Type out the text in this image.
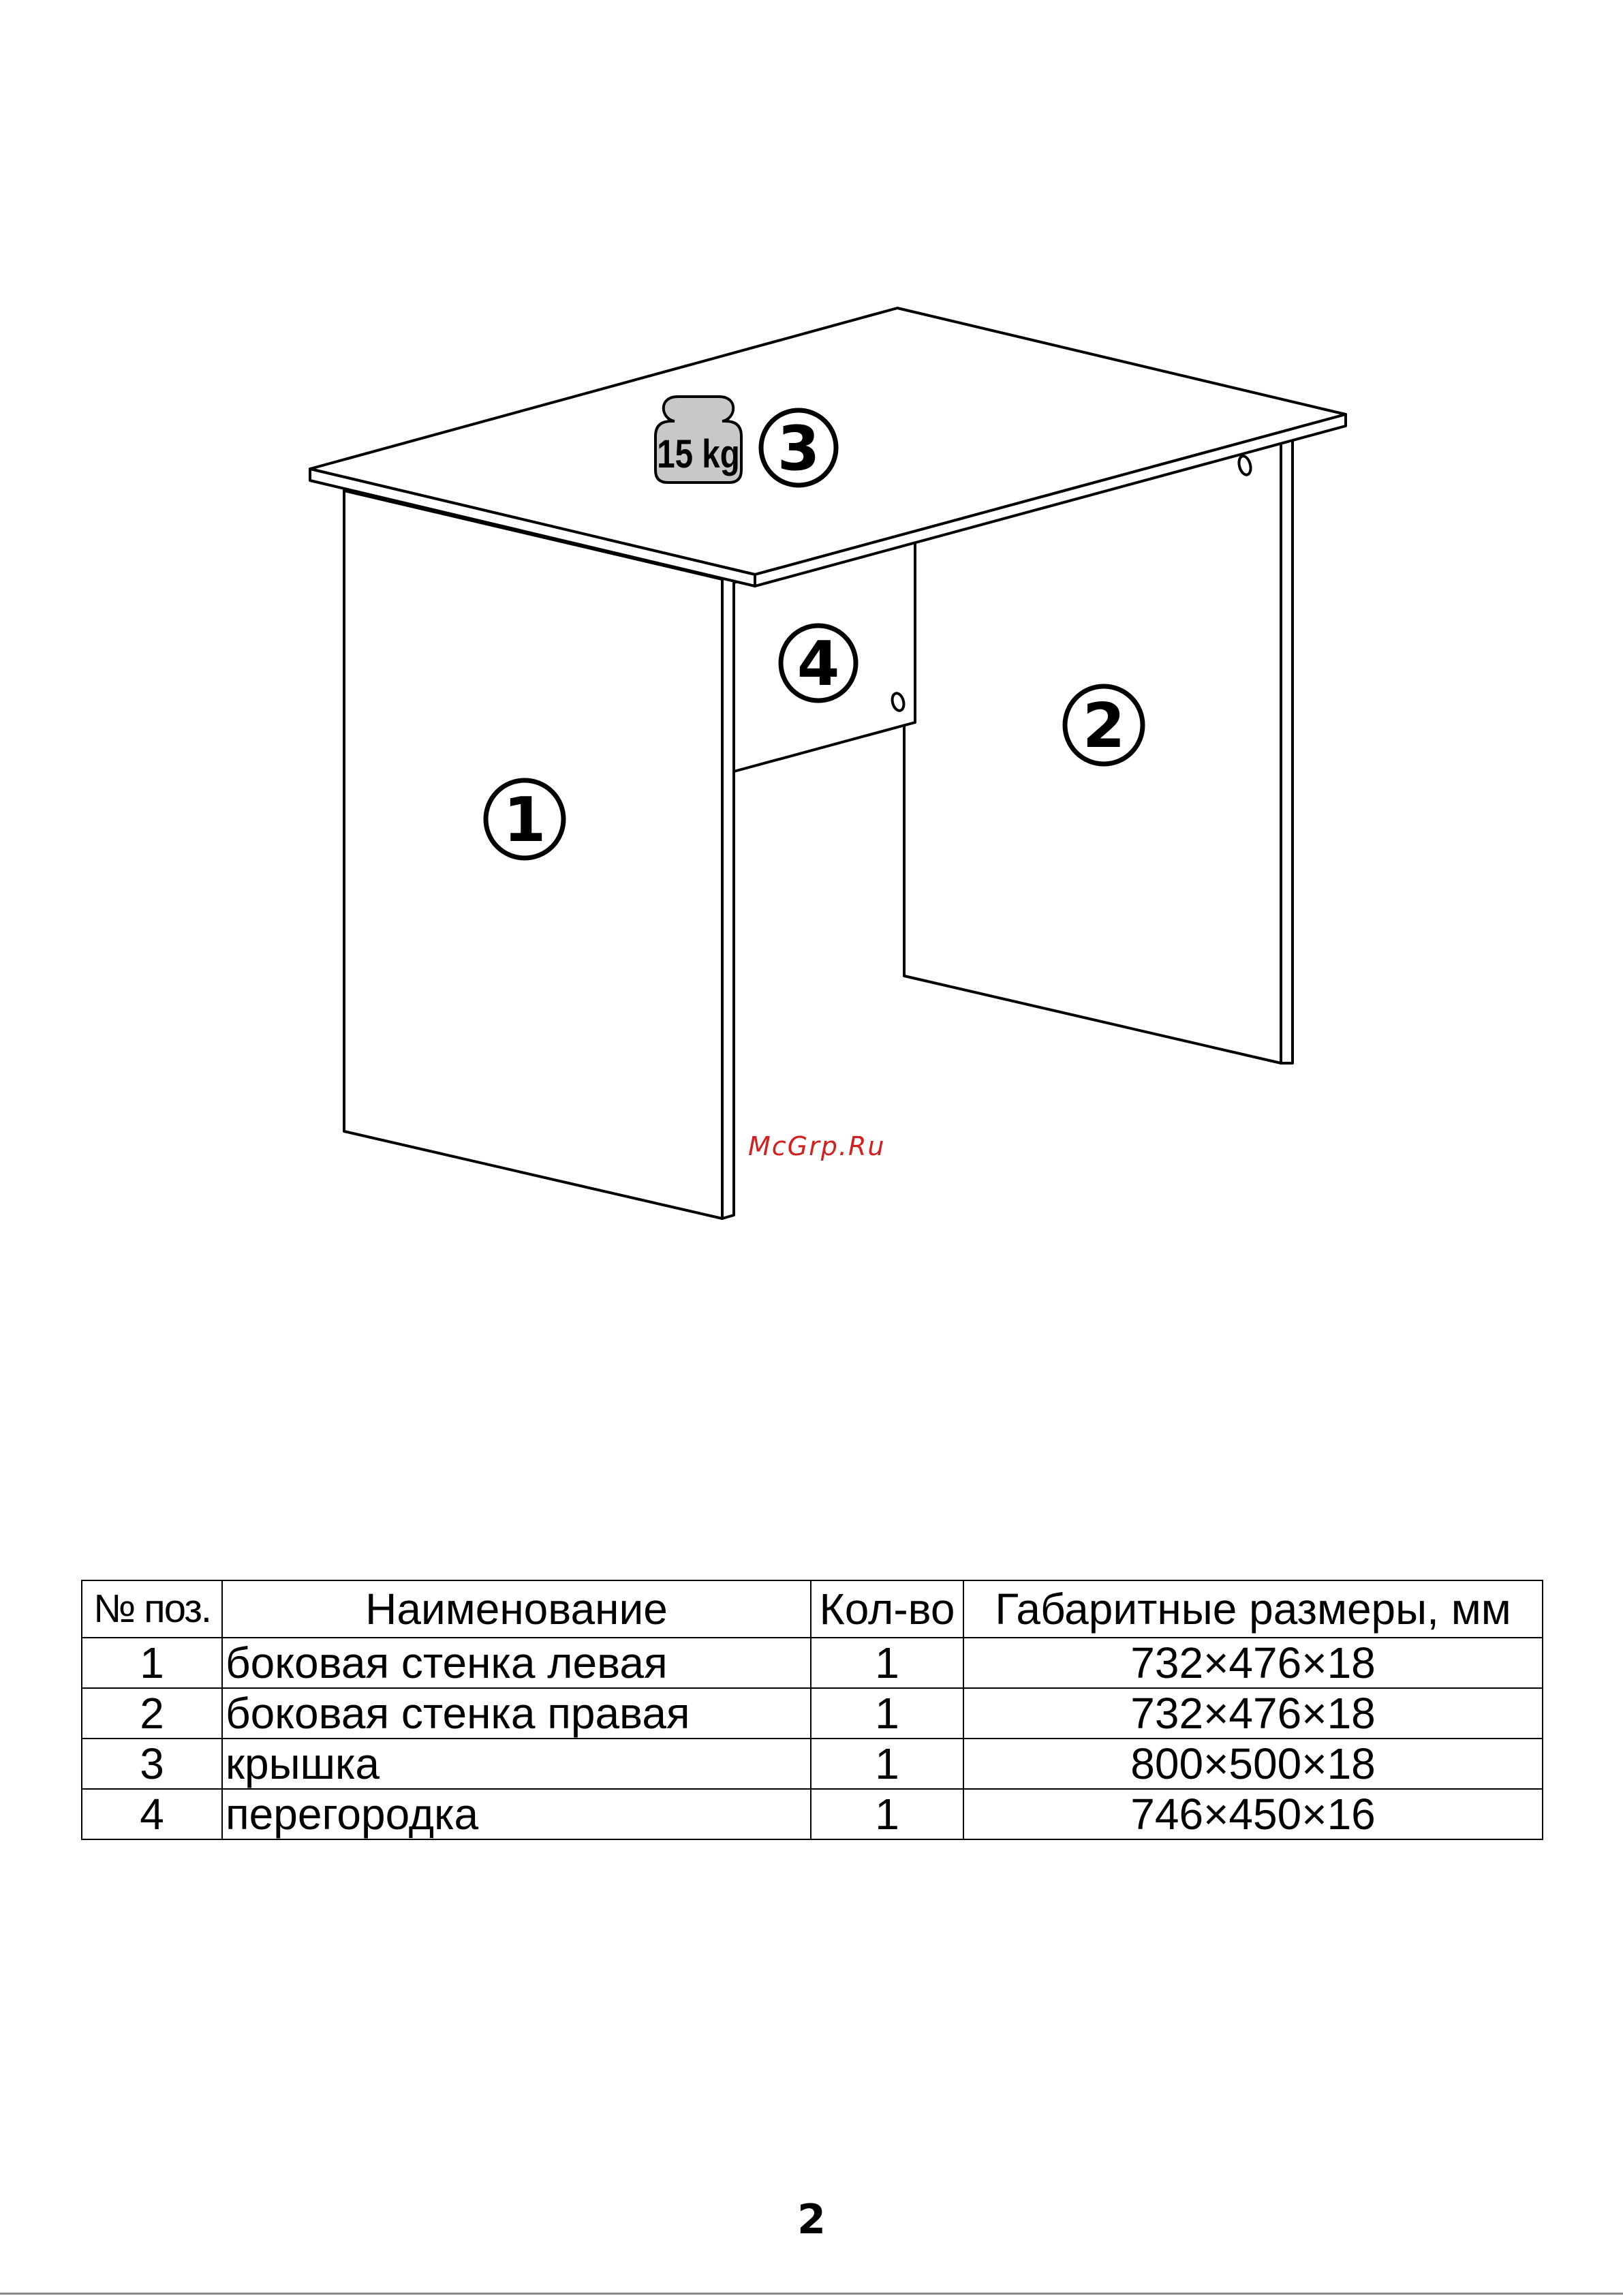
15 kg 3
4
2
1
McGrp.Ru
№ поз.	Наименование	Кол-во	Габаритные размеры, мм
1	боковая стенка левая	1	732×476×18
2	боковая стенка правая	1	732×476×18
3	крышка	1	800×500×18
4	перегородка	1	746×450×16
2
